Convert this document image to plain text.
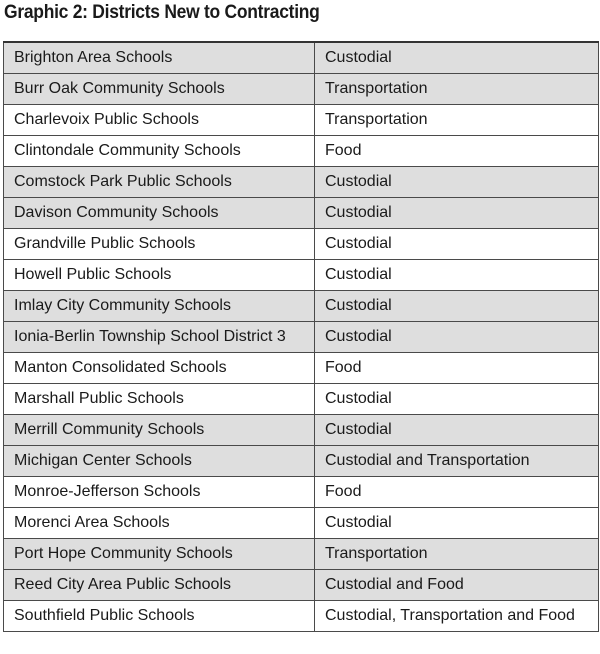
Graphic 2: Districts New to Contracting
Brighton Area Schools	Custodial
Burr Oak Community Schools	Transportation
Charlevoix Public Schools	Transportation
Clintondale Community Schools	Food
Comstock Park Public Schools	Custodial
Davison Community Schools	Custodial
Grandville Public Schools	Custodial
Howell Public Schools	Custodial
Imlay City Community Schools	Custodial
Ionia-Berlin Township School District 3	Custodial
Manton Consolidated Schools	Food
Marshall Public Schools	Custodial
Merrill Community Schools	Custodial
Michigan Center Schools	Custodial and Transportation
Monroe-Jefferson Schools	Food
Morenci Area Schools	Custodial
Port Hope Community Schools	Transportation
Reed City Area Public Schools	Custodial and Food
Southfield Public Schools	Custodial, Transportation and Food
